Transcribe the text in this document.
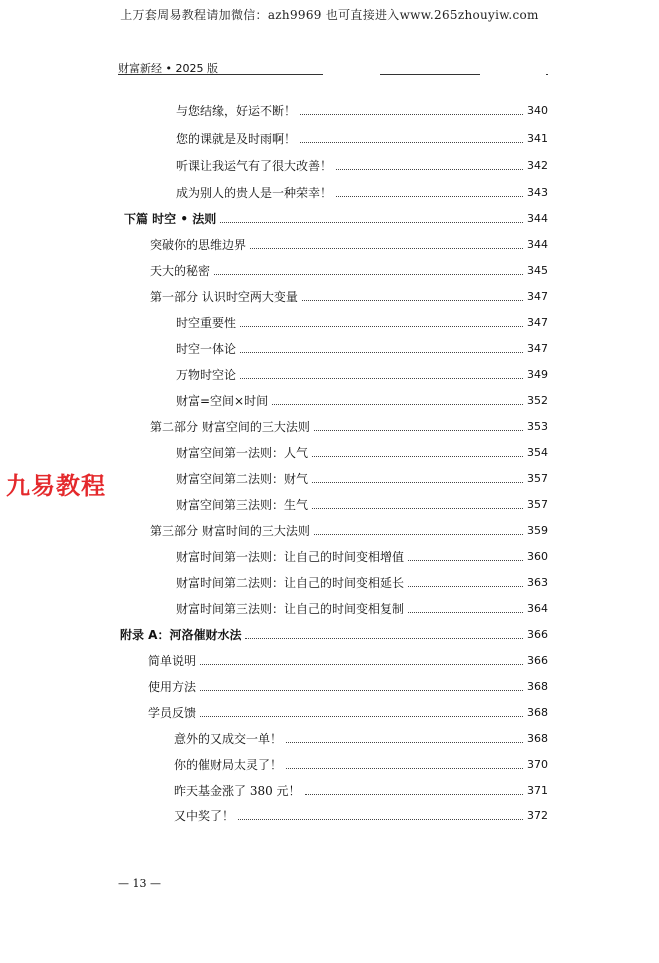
上万套周易教程请加微信：azh9969 也可直接进入www.265zhouyiw.com
财富新经 • 2025 版
与您结缘，好运不断！	340
您的课就是及时雨啊！	341
听课让我运气有了很大改善！	342
成为别人的贵人是一种荣幸！	343
下篇 时空 • 法则	344
突破你的思维边界	344
天大的秘密	345
第一部分 认识时空两大变量	347
时空重要性	347
时空一体论	347
万物时空论	349
财富=空间×时间	352
第二部分 财富空间的三大法则	353
财富空间第一法则：人气	354
财富空间第二法则：财气	357
财富空间第三法则：生气	357
第三部分 财富时间的三大法则	359
财富时间第一法则：让自己的时间变相增值	360
财富时间第二法则：让自己的时间变相延长	363
财富时间第三法则：让自己的时间变相复制	364
附录 A：河洛催财水法	366
简单说明	366
使用方法	368
学员反馈	368
意外的又成交一单！	368
你的催财局太灵了！	370
昨天基金涨了 380 元！	371
又中奖了！	372
九易教程
— 13 —
